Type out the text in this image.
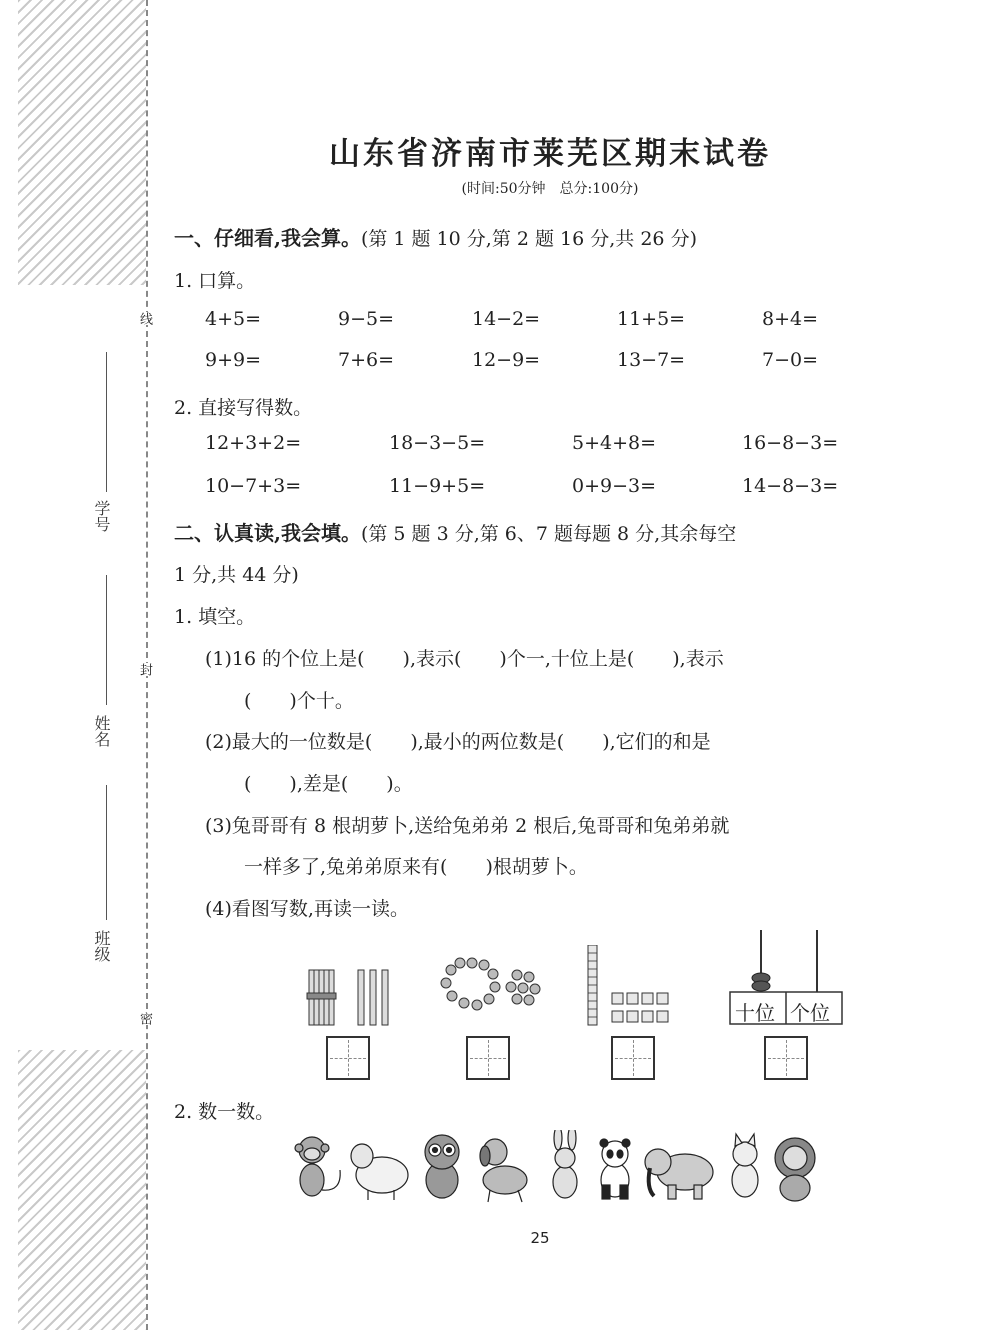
学号
姓名
班级
线
封
密
山东省济南市莱芜区期末试卷
(时间:50分钟　总分:100分)
一、仔细看,我会算。(第 1 题 10 分,第 2 题 16 分,共 26 分)
1. 口算。
4+5=	9−5=	14−2=	11+5=	8+4=
9+9=	7+6=	12−9=	13−7=	7−0=
2. 直接写得数。
12+3+2=	18−3−5=	5+4+8=	16−8−3=
10−7+3=	11−9+5=	0+9−3=	14−8−3=
二、认真读,我会填。(第 5 题 3 分,第 6、7 题每题 8 分,其余每空
1 分,共 44 分)
1. 填空。
(1)16 的个位上是(　　),表示(　　)个一,十位上是(　　),表示
(　　)个十。
(2)最大的一位数是(　　),最小的两位数是(　　),它们的和是
(　　),差是(　　)。
(3)兔哥哥有 8 根胡萝卜,送给兔弟弟 2 根后,兔哥哥和兔弟弟就
一样多了,兔弟弟原来有(　　)根胡萝卜。
(4)看图写数,再读一读。
十位 个位
2. 数一数。
25
